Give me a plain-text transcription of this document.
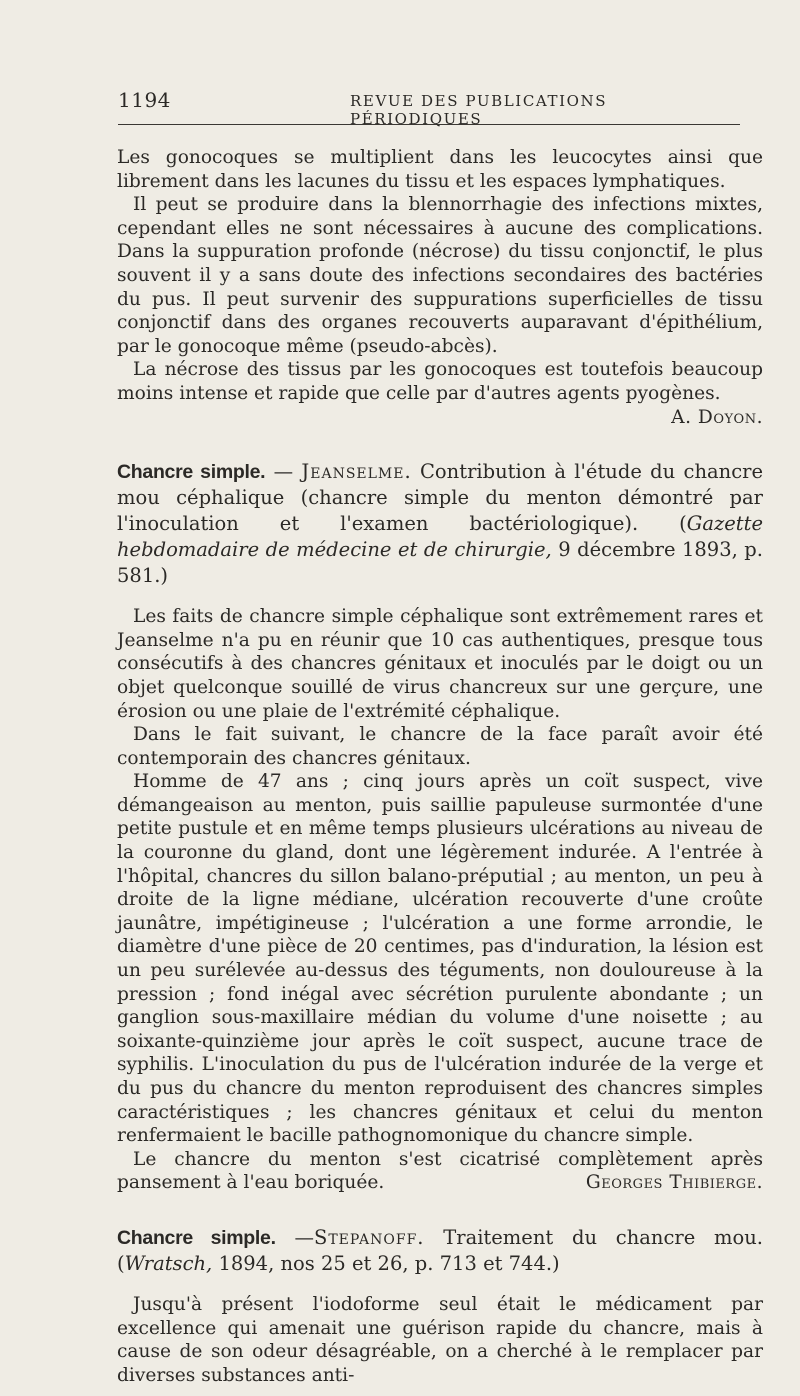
1194	REVUE DES PUBLICATIONS PÉRIODIQUES

Les gonocoques se multiplient dans les leucocytes ainsi que librement dans les lacunes du tissu et les espaces lymphatiques.

Il peut se produire dans la blennorrhagie des infections mixtes, cependant elles ne sont nécessaires à aucune des complications. Dans la suppuration profonde (nécrose) du tissu conjonctif, le plus souvent il y a sans doute des infections secondaires des bactéries du pus. Il peut survenir des suppurations superficielles de tissu conjonctif dans des organes recouverts auparavant d'épithélium, par le gonocoque même (pseudo-abcès).

La nécrose des tissus par les gonocoques est toutefois beaucoup moins intense et rapide que celle par d'autres agents pyogènes.

A. Doyon.
Chancre simple. — Jeanselme. Contribution à l'étude du chancre mou céphalique (chancre simple du menton démontré par l'inoculation et l'examen bactériologique). (Gazette hebdomadaire de médecine et de chirurgie, 9 décembre 1893, p. 581.)

Les faits de chancre simple céphalique sont extrêmement rares et Jeanselme n'a pu en réunir que 10 cas authentiques, presque tous consécutifs à des chancres génitaux et inoculés par le doigt ou un objet quelconque souillé de virus chancreux sur une gerçure, une érosion ou une plaie de l'extrémité céphalique.

Dans le fait suivant, le chancre de la face paraît avoir été contemporain des chancres génitaux.

Homme de 47 ans ; cinq jours après un coït suspect, vive démangeaison au menton, puis saillie papuleuse surmontée d'une petite pustule et en même temps plusieurs ulcérations au niveau de la couronne du gland, dont une légèrement indurée. A l'entrée à l'hôpital, chancres du sillon balano-préputial ; au menton, un peu à droite de la ligne médiane, ulcération recouverte d'une croûte jaunâtre, impétigineuse ; l'ulcération a une forme arrondie, le diamètre d'une pièce de 20 centimes, pas d'induration, la lésion est un peu surélevée au-dessus des téguments, non douloureuse à la pression ; fond inégal avec sécrétion purulente abondante ; un ganglion sous-maxillaire médian du volume d'une noisette ; au soixante-quinzième jour après le coït suspect, aucune trace de syphilis. L'inoculation du pus de l'ulcération indurée de la verge et du pus du chancre du menton reproduisent des chancres simples caractéristiques ; les chancres génitaux et celui du menton renfermaient le bacille pathognomonique du chancre simple.

Le chancre du menton s'est cicatrisé complètement après pansement à l'eau boriquée.	Georges Thibierge.

Chancre simple. —Stepanoff. Traitement du chancre mou. (Wratsch, 1894, nos 25 et 26, p. 713 et 744.)

Jusqu'à présent l'iodoforme seul était le médicament par excellence qui amenait une guérison rapide du chancre, mais à cause de son odeur désagréable, on a cherché à le remplacer par diverses substances anti-
